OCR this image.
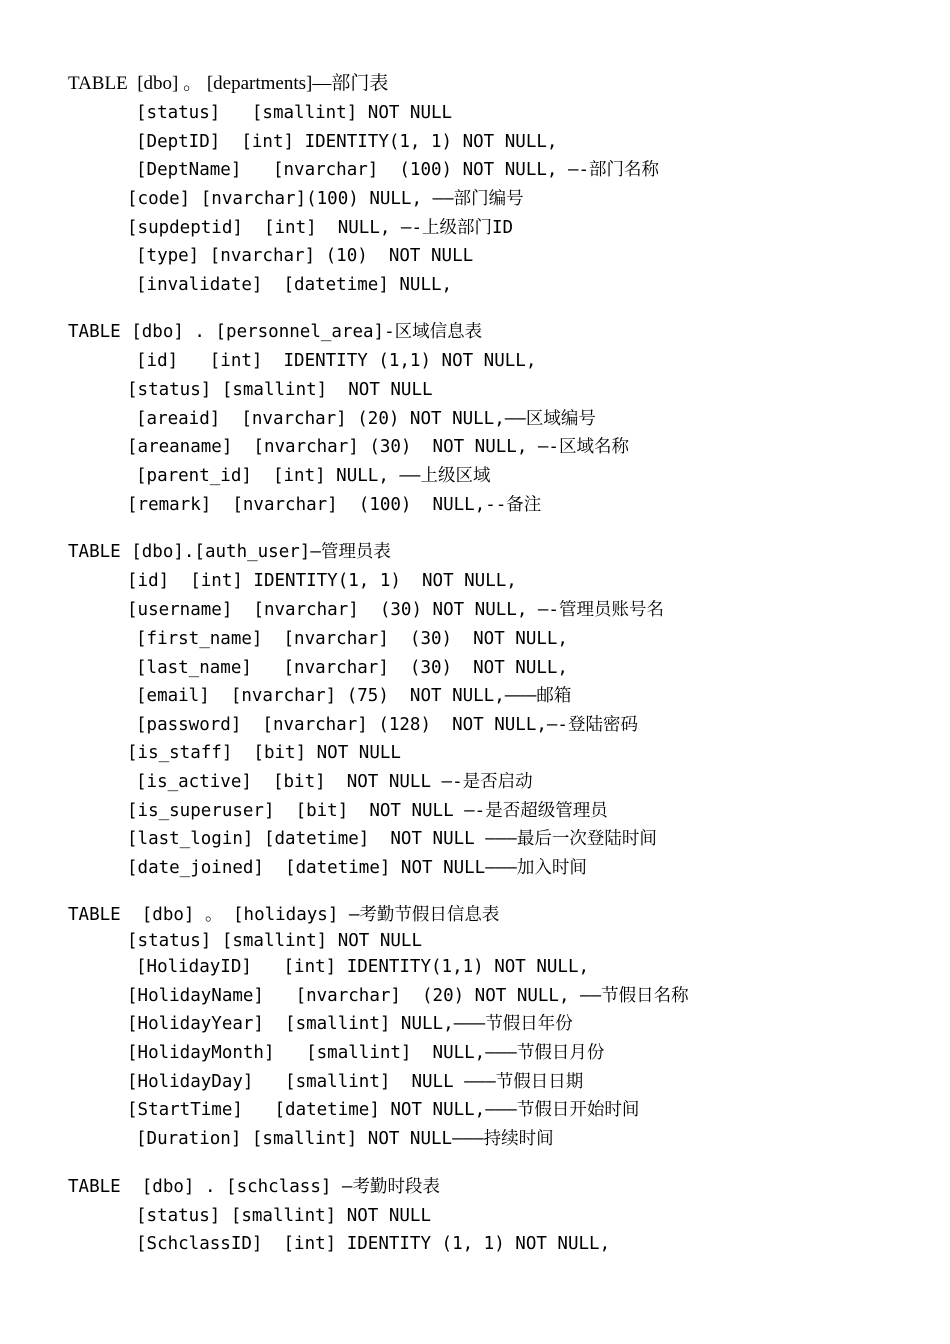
TABLE  [dbo] 。 [departments]—部门表
[status]   [smallint] NOT NULL
[DeptID]  [int] IDENTITY(1, 1) NOT NULL,
[DeptName]   [nvarchar]  (100) NOT NULL, —-部门名称
[code] [nvarchar](100) NULL, ——部门编号
[supdeptid]  [int]  NULL, —-上级部门ID
[type] [nvarchar] (10)  NOT NULL
[invalidate]  [datetime] NULL,
TABLE [dbo] . [personnel_area]-区域信息表
[id]   [int]  IDENTITY (1,1) NOT NULL,
[status] [smallint]  NOT NULL
[areaid]  [nvarchar] (20) NOT NULL,——区域编号
[areaname]  [nvarchar] (30)  NOT NULL, —-区域名称
[parent_id]  [int] NULL, ——上级区域
[remark]  [nvarchar]  (100)  NULL,--备注
TABLE [dbo].[auth_user]—管理员表
[id]  [int] IDENTITY(1, 1)  NOT NULL,
[username]  [nvarchar]  (30) NOT NULL, —-管理员账号名
[first_name]  [nvarchar]  (30)  NOT NULL,
[last_name]   [nvarchar]  (30)  NOT NULL,
[email]  [nvarchar] (75)  NOT NULL,———邮箱
[password]  [nvarchar] (128)  NOT NULL,—-登陆密码
[is_staff]  [bit] NOT NULL
[is_active]  [bit]  NOT NULL —-是否启动
[is_superuser]  [bit]  NOT NULL —-是否超级管理员
[last_login] [datetime]  NOT NULL ———最后一次登陆时间
[date_joined]  [datetime] NOT NULL———加入时间
TABLE  [dbo] 。 [holidays] —考勤节假日信息表
[status] [smallint] NOT NULL
[HolidayID]   [int] IDENTITY(1,1) NOT NULL,
[HolidayName]   [nvarchar]  (20) NOT NULL, ——节假日名称
[HolidayYear]  [smallint] NULL,———节假日年份
[HolidayMonth]   [smallint]  NULL,———节假日月份
[HolidayDay]   [smallint]  NULL ———节假日日期
[StartTime]   [datetime] NOT NULL,———节假日开始时间
[Duration] [smallint] NOT NULL———持续时间
TABLE  [dbo] . [schclass] —考勤时段表
[status] [smallint] NOT NULL
[SchclassID]  [int] IDENTITY (1, 1) NOT NULL,
